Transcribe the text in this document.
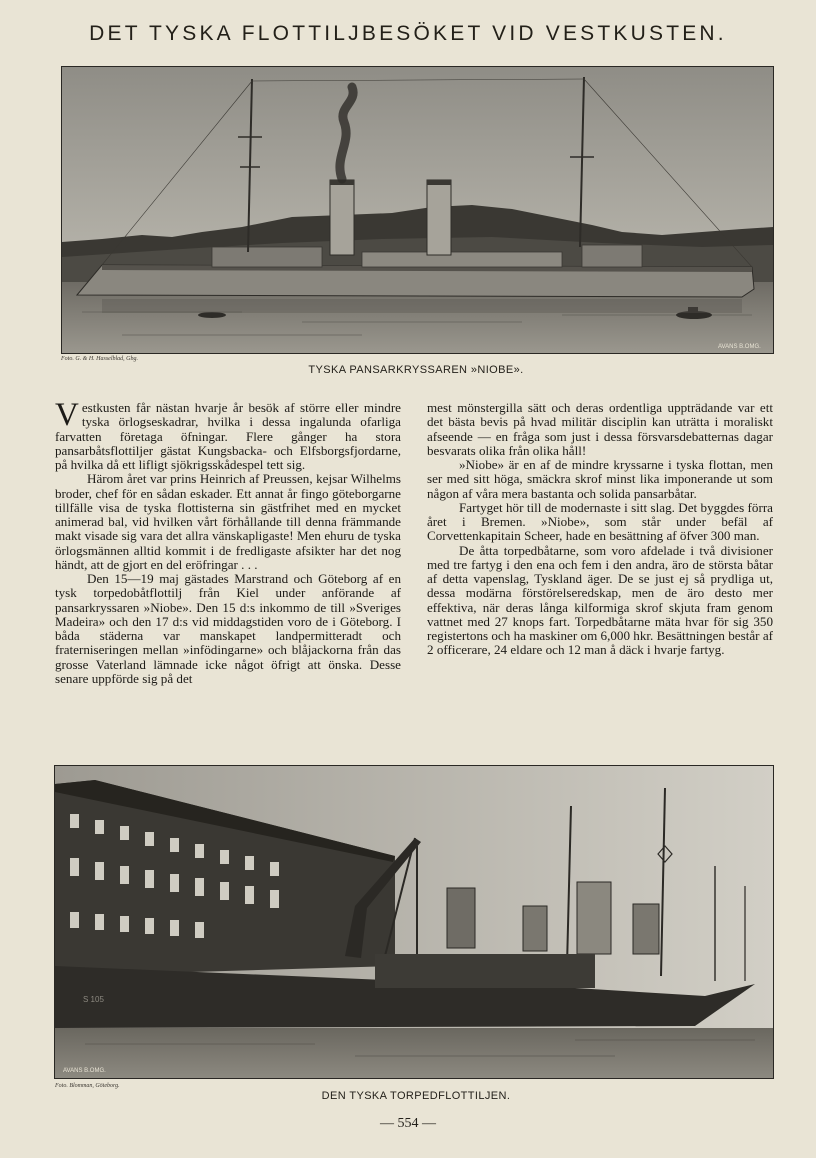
DET TYSKA FLOTTILJBESÖKET VID VESTKUSTEN.
AVANS B.OMG.
Foto. G. & H. Hasselblad, Gbg.
TYSKA PANSARKRYSSAREN »NIOBE».

Vestkusten får nästan hvarje år besök af större eller mindre tyska örlogseskadrar, hvilka i dessa ingalunda ofarliga farvatten företaga öfningar. Flere gånger ha stora pansarbåtsflottiljer gästat Kungsbacka- och Elfsborgsfjordarne, på hvilka då ett lifligt sjökrigsskådespel tett sig.

Härom året var prins Heinrich af Preussen, kejsar Wilhelms broder, chef för en sådan eskader. Ett annat år fingo göteborgarne tillfälle visa de tyska flottisterna sin gästfrihet med en mycket animerad bal, vid hvilken vårt förhållande till denna främmande makt visade sig vara det allra vänskapligaste! Men ehuru de tyska örlogsmännen alltid kommit i de fredligaste afsikter har det nog händt, att de gjort en del eröfringar . . .

Den 15—19 maj gästades Marstrand och Göteborg af en tysk torpedobåtflottilj från Kiel under anförande af pansarkryssaren »Niobe». Den 15 d:s inkommo de till »Sveriges Madeira» och den 17 d:s vid middagstiden voro de i Göteborg. I båda städerna var manskapet landpermitteradt och fraterniseringen mellan »infödingarne» och blåjackorna från das grosse Vaterland lämnade icke något öfrigt att önska. Desse senare uppförde sig på det

mest mönstergilla sätt och deras ordentliga uppträdande var ett det bästa bevis på hvad militär disciplin kan uträtta i moraliskt afseende — en fråga som just i dessa försvarsdebatternas dagar besvarats olika från olika håll!

»Niobe» är en af de mindre kryssarne i tyska flottan, men ser med sitt höga, smäckra skrof minst lika imponerande ut som någon af våra mera bastanta och solida pansarbåtar.

Fartyget hör till de modernaste i sitt slag. Det byggdes förra året i Bremen. »Niobe», som står under befäl af Corvettenkapitain Scheer, hade en besättning af öfver 300 man.

De åtta torpedbåtarne, som voro afdelade i två divisioner med tre fartyg i den ena och fem i den andra, äro de största båtar af detta vapenslag, Tyskland äger. De se just ej så prydliga ut, dessa modärna förstörelseredskap, men de äro desto mer effektiva, när deras långa kilformiga skrof skjuta fram genom vattnet med 27 knops fart. Torpedbåtarne mäta hvar för sig 350 registertons och ha maskiner om 6,000 hkr. Besättningen består af 2 officerare, 24 eldare och 12 man å däck i hvarje fartyg.

S 105
AVANS B.OMG.
Foto. Blomman, Göteborg.
DEN TYSKA TORPEDFLOTTILJEN.
— 554 —
